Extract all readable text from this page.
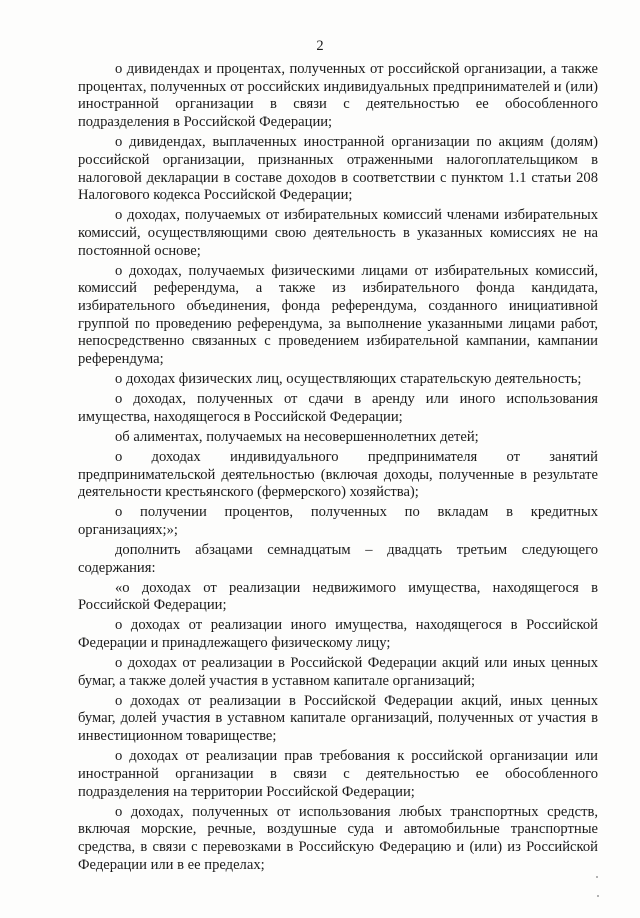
2

о дивидендах и процентах, полученных от российской организации, а также процентах, полученных от российских индивидуальных предпринимателей и (или) иностранной организации в связи с деятельностью ее обособленного подразделения в Российской Федерации;

о дивидендах, выплаченных иностранной организации по акциям (долям) российской организации, признанных отраженными налогоплательщиком в налоговой декларации в составе доходов в соответствии с пунктом 1.1 статьи 208 Налогового кодекса Российской Федерации;

о доходах, получаемых от избирательных комиссий членами избирательных комиссий, осуществляющими свою деятельность в указанных комиссиях не на постоянной основе;

о доходах, получаемых физическими лицами от избирательных комиссий, комиссий референдума, а также из избирательного фонда кандидата, избирательного объединения, фонда референдума, созданного инициативной группой по проведению референдума, за выполнение указанными лицами работ, непосредственно связанных с проведением избирательной кампании, кампании референдума;

о доходах физических лиц, осуществляющих старательскую деятельность;

о доходах, полученных от сдачи в аренду или иного использования имущества, находящегося в Российской Федерации;

об алиментах, получаемых на несовершеннолетних детей;

о доходах индивидуального предпринимателя от занятий предпринимательской деятельностью (включая доходы, полученные в результате деятельности крестьянского (фермерского) хозяйства);

о получении процентов, полученных по вкладам в кредитных организациях;»;

дополнить абзацами семнадцатым – двадцать третьим следующего содержания:

«о доходах от реализации недвижимого имущества, находящегося в Российской Федерации;

о доходах от реализации иного имущества, находящегося в Российской Федерации и принадлежащего физическому лицу;

о доходах от реализации в Российской Федерации акций или иных ценных бумаг, а также долей участия в уставном капитале организаций;

о доходах от реализации в Российской Федерации акций, иных ценных бумаг, долей участия в уставном капитале организаций, полученных от участия в инвестиционном товариществе;

о доходах от реализации прав требования к российской организации или иностранной организации в связи с деятельностью ее обособленного подразделения на территории Российской Федерации;

о доходах, полученных от использования любых транспортных средств, включая морские, речные, воздушные суда и автомобильные транспортные средства, в связи с перевозками в Российскую Федерацию и (или) из Российской Федерации или в ее пределах;
